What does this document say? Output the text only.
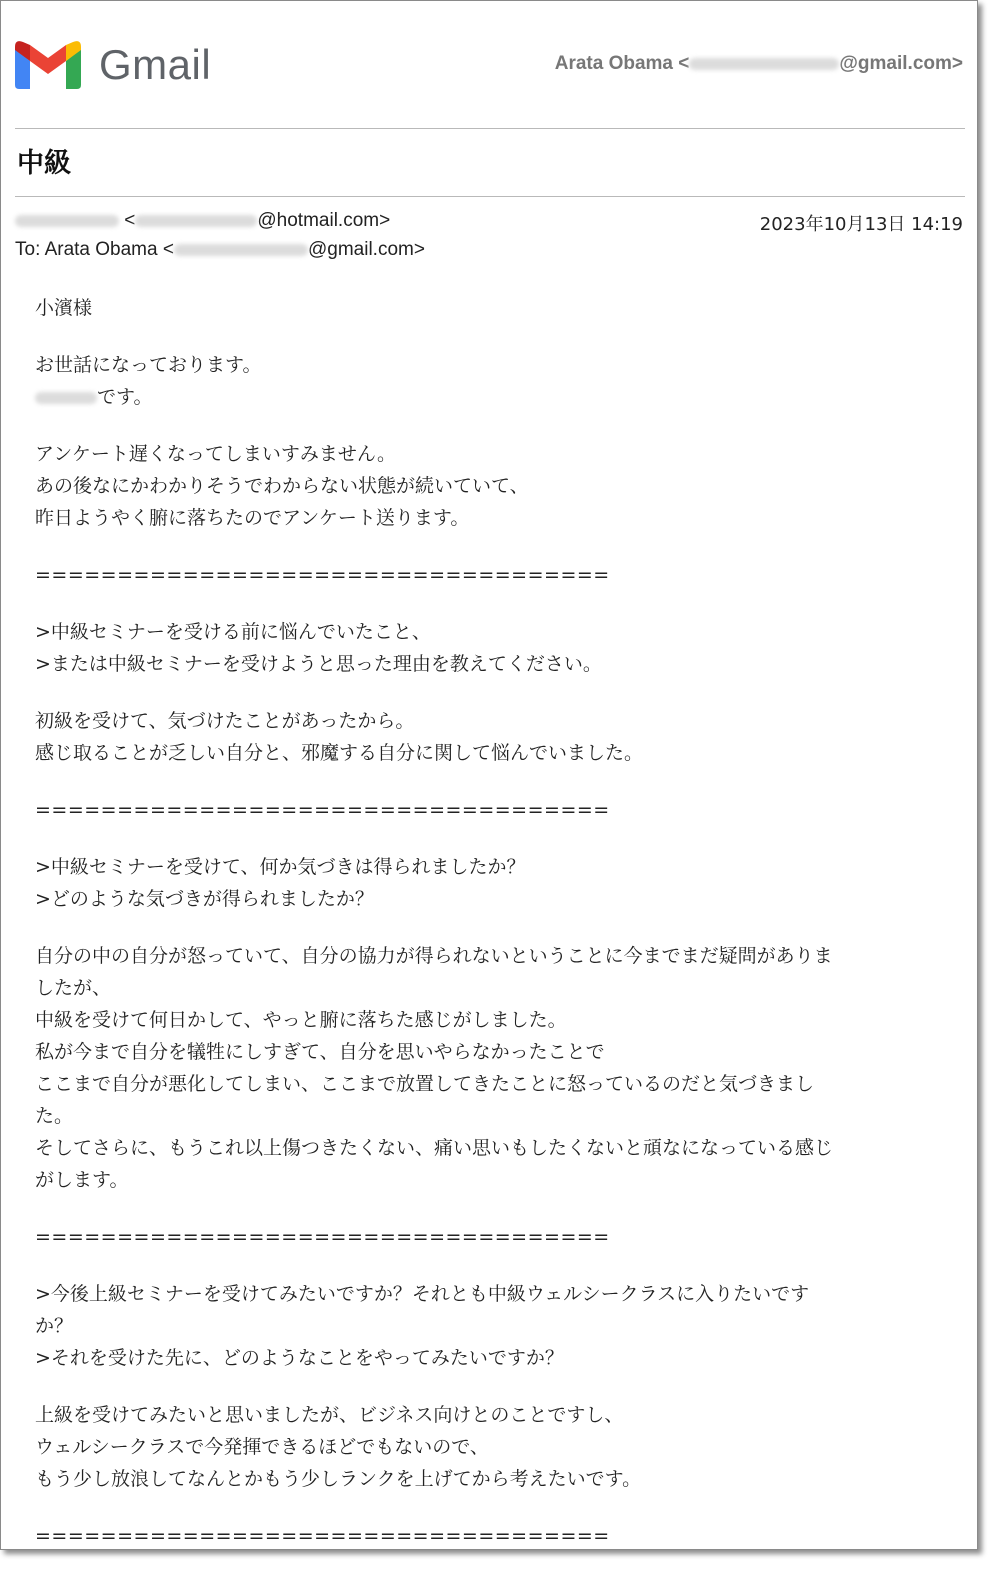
Gmail	Arata Obama <	@gmail.com>
中級
<	@hotmail.com>	2023年10月13日 14:19
To: Arata Obama <	@gmail.com>
小濱様
お世話になっております。
です。
アンケート遅くなってしまいすみません。
あの後なにかわかりそうでわからない状態が続いていて、
昨日ようやく腑に落ちたのでアンケート送ります。
===================================
>中級セミナーを受ける前に悩んでいたこと、
>または中級セミナーを受けようと思った理由を教えてください。
初級を受けて、気づけたことがあったから。
感じ取ることが乏しい自分と、邪魔する自分に関して悩んでいました。
===================================
>中級セミナーを受けて、何か気づきは得られましたか？
>どのような気づきが得られましたか？
自分の中の自分が怒っていて、自分の協力が得られないということに今までまだ疑問がありま
したが、
中級を受けて何日かして、やっと腑に落ちた感じがしました。
私が今まで自分を犠牲にしすぎて、自分を思いやらなかったことで
ここまで自分が悪化してしまい、ここまで放置してきたことに怒っているのだと気づきまし
た。
そしてさらに、もうこれ以上傷つきたくない、痛い思いもしたくないと頑なになっている感じ
がします。
===================================
>今後上級セミナーを受けてみたいですか？それとも中級ウェルシークラスに入りたいです
か？
>それを受けた先に、どのようなことをやってみたいですか？
上級を受けてみたいと思いましたが、ビジネス向けとのことですし、
ウェルシークラスで今発揮できるほどでもないので、
もう少し放浪してなんとかもう少しランクを上げてから考えたいです。
===================================
